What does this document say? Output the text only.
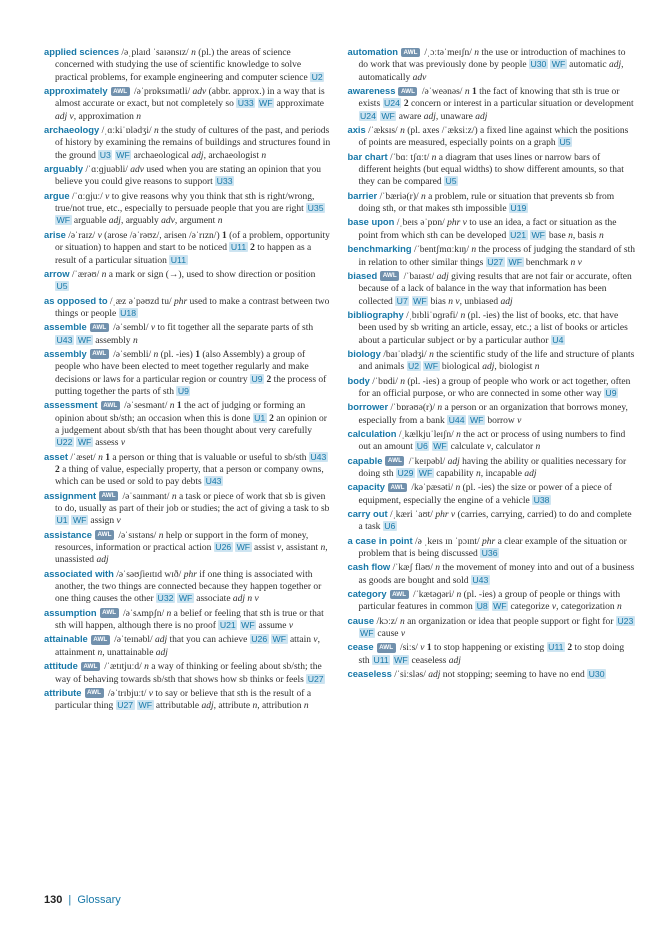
applied sciences /əˌplaɪd ˈsaɪənsɪz/ n (pl.) the areas of science concerned with studying the use of scientific knowledge to solve practical problems, for example engineering and computer science U2
approximately AWL /əˈprɒksɪmətli/ adv (abbr. approx.) in a way that is almost accurate or exact, but not completely so U33 WF approximate adj v, approximation n
archaeology /ˌɑːkiˈɒlədʒi/ n the study of cultures of the past, and periods of history by examining the remains of buildings and structures found in the ground U3 WF archaeological adj, archaeologist n
arguably /ˈɑːɡjuəbli/ adv used when you are stating an opinion that you believe you could give reasons to support U33
argue /ˈɑːɡjuː/ v to give reasons why you think that sth is right/wrong, true/not true, etc., especially to persuade people that you are right U35 WF arguable adj, arguably adv, argument n
arise /əˈraɪz/ v (arose /əˈrəʊz/, arisen /əˈrɪzn/) 1 (of a problem, opportunity or situation) to happen and start to be noticed U11 2 to happen as a result of a particular situation U11
arrow /ˈærəʊ/ n a mark or sign (→), used to show direction or position U5
as opposed to /ˌæz əˈpəʊzd tu/ phr used to make a contrast between two things or people U18
assemble AWL /əˈsembl/ v to fit together all the separate parts of sth U43 WF assembly n
assembly AWL /əˈsembli/ n (pl. -ies) 1 (also Assembly) a group of people who have been elected to meet together regularly and make decisions or laws for a particular region or country U9 2 the process of putting together the parts of sth U9
assessment AWL /əˈsesmənt/ n 1 the act of judging or forming an opinion about sb/sth; an occasion when this is done U1 2 an opinion or a judgement about sb/sth that has been thought about very carefully U22 WF assess v
asset /ˈæset/ n 1 a person or thing that is valuable or useful to sb/sth U43 2 a thing of value, especially property, that a person or company owns, which can be used or sold to pay debts U43
assignment AWL /əˈsaɪnmənt/ n a task or piece of work that sb is given to do, usually as part of their job or studies; the act of giving a task to sb U1 WF assign v
assistance AWL /əˈsɪstəns/ n help or support in the form of money, resources, information or practical action U26 WF assist v, assistant n, unassisted adj
associated with /əˈsəʊʃieɪtɪd wɪð/ phr if one thing is associated with another, the two things are connected because they happen together or one thing causes the other U32 WF associate adj n v
assumption AWL /əˈsʌmpʃn/ n a belief or feeling that sth is true or that sth will happen, although there is no proof U21 WF assume v
attainable AWL /əˈteɪnəbl/ adj that you can achieve U26 WF attain v, attainment n, unattainable adj
attitude AWL /ˈætɪtjuːd/ n a way of thinking or feeling about sb/sth; the way of behaving towards sb/sth that shows how sb thinks or feels U27
attribute AWL /əˈtrɪbjuːt/ v to say or believe that sth is the result of a particular thing U27 WF attributable adj, attribute n, attribution n
automation AWL /ˌɔːtəˈmeɪʃn/ n the use or introduction of machines to do work that was previously done by people U30 WF automatic adj, automatically adv
awareness AWL /əˈweənəs/ n 1 the fact of knowing that sth is true or exists U24 2 concern or interest in a particular situation or development U24 WF aware adj, unaware adj
axis /ˈæksɪs/ n (pl. axes /ˈæksiːz/) a fixed line against which the positions of points are measured, especially points on a graph U5
bar chart /ˈbɑː tʃɑːt/ n a diagram that uses lines or narrow bars of different heights (but equal widths) to show different amounts, so that they can be compared U5
barrier /ˈbæriə(r)/ n a problem, rule or situation that prevents sb from doing sth, or that makes sth impossible U19
base upon /ˌbeɪs əˈpɒn/ phr v to use an idea, a fact or situation as the point from which sth can be developed U21 WF base n, basis n
benchmarking /ˈbentʃmɑːkɪŋ/ n the process of judging the standard of sth in relation to other similar things U27 WF benchmark n v
biased AWL /ˈbaɪəst/ adj giving results that are not fair or accurate, often because of a lack of balance in the way that information has been collected U7 WF bias n v, unbiased adj
bibliography /ˌbɪbliˈɒɡrəfi/ n (pl. -ies) the list of books, etc. that have been used by sb writing an article, essay, etc.; a list of books or articles about a particular subject or by a particular author U4
biology /baɪˈɒlədʒi/ n the scientific study of the life and structure of plants and animals U2 WF biological adj, biologist n
body /ˈbɒdi/ n (pl. -ies) a group of people who work or act together, often for an official purpose, or who are connected in some other way U9
borrower /ˈbɒrəʊə(r)/ n a person or an organization that borrows money, especially from a bank U44 WF borrow v
calculation /ˌkælkjuˈleɪʃn/ n the act or process of using numbers to find out an amount U6 WF calculate v, calculator n
capable AWL /ˈkeɪpəbl/ adj having the ability or qualities necessary for doing sth U29 WF capability n, incapable adj
capacity AWL /kəˈpæsəti/ n (pl. -ies) the size or power of a piece of equipment, especially the engine of a vehicle U38
carry out /ˌkæri ˈaʊt/ phr v (carries, carrying, carried) to do and complete a task U6
a case in point /ə ˌkeɪs ɪn ˈpɔɪnt/ phr a clear example of the situation or problem that is being discussed U36
cash flow /ˈkæʃ fləʊ/ n the movement of money into and out of a business as goods are bought and sold U43
category AWL /ˈkætəɡəri/ n (pl. -ies) a group of people or things with particular features in common U8 WF categorize v, categorization n
cause /kɔːz/ n an organization or idea that people support or fight for U23 WF cause v
cease AWL /siːs/ v 1 to stop happening or existing U11 2 to stop doing sth U11 WF ceaseless adj
ceaseless /ˈsiːsləs/ adj not stopping; seeming to have no end U30
130 | Glossary
